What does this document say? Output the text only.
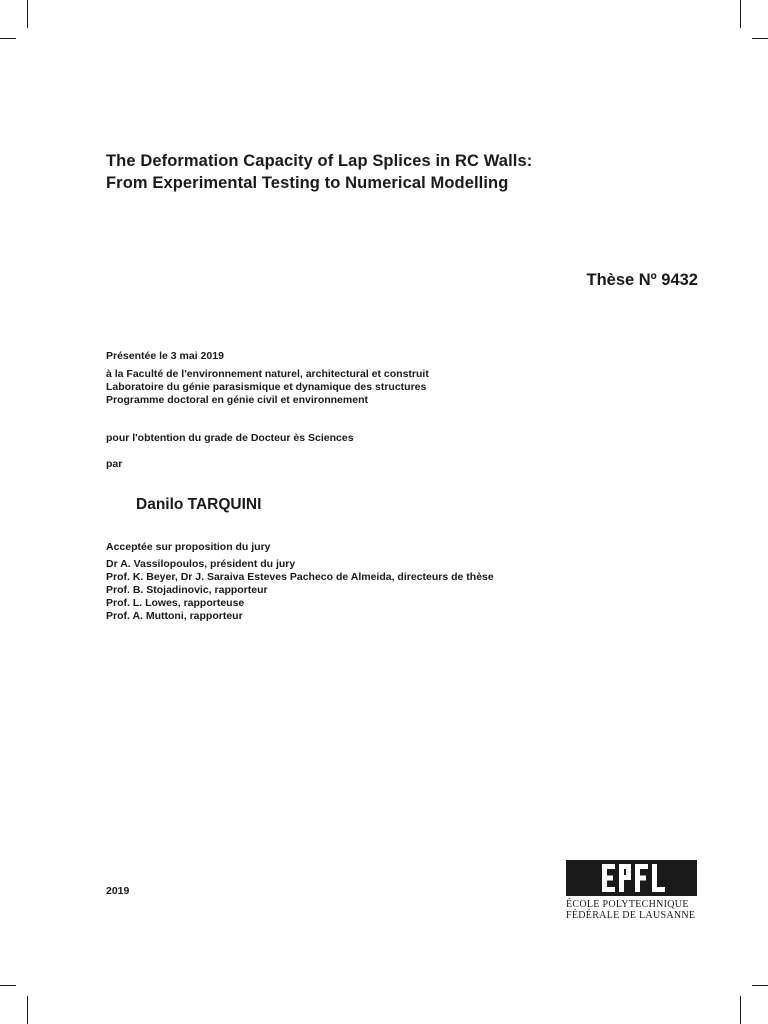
The Deformation Capacity of Lap Splices in RC Walls:
From Experimental Testing to Numerical Modelling
Thèse Nº 9432
Présentée le 3 mai 2019
à la Faculté de l'environnement naturel, architectural et construit
Laboratoire du génie parasismique et dynamique des structures
Programme doctoral en génie civil et environnement
pour l'obtention du grade de Docteur ès Sciences
par
Danilo TARQUINI
Acceptée sur proposition du jury
Dr A. Vassilopoulos, président du jury
Prof. K. Beyer, Dr J. Saraiva Esteves Pacheco de Almeida, directeurs de thèse
Prof. B. Stojadinovic, rapporteur
Prof. L. Lowes, rapporteuse
Prof. A. Muttoni, rapporteur
2019
ÉCOLE POLYTECHNIQUE
FÉDÉRALE DE LAUSANNE
